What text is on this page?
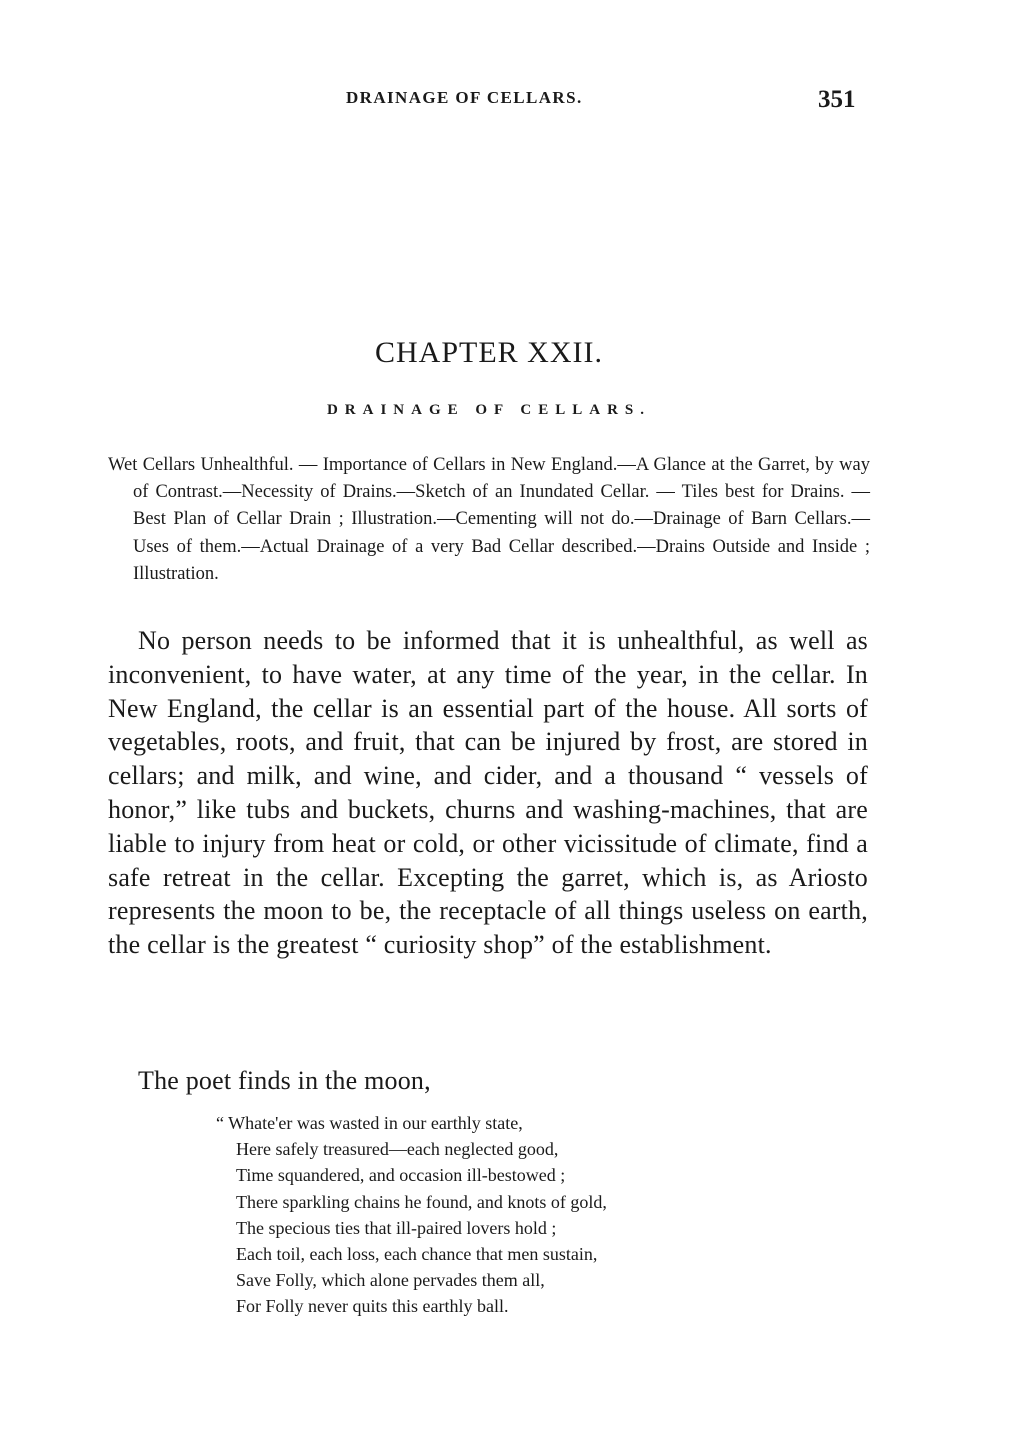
DRAINAGE OF CELLARS.	351
CHAPTER XXII.
DRAINAGE OF CELLARS.
Wet Cellars Unhealthful. — Importance of Cellars in New England.—A Glance at the Garret, by way of Contrast.—Necessity of Drains.—Sketch of an Inundated Cellar. — Tiles best for Drains. — Best Plan of Cellar Drain ; Illustration.—Cementing will not do.—Drainage of Barn Cellars.—Uses of them.—Actual Drainage of a very Bad Cellar described.—Drains Outside and Inside ; Illustration.
No person needs to be informed that it is unhealthful, as well as inconvenient, to have water, at any time of the year, in the cellar. In New England, the cellar is an essential part of the house. All sorts of vegetables, roots, and fruit, that can be injured by frost, are stored in cellars; and milk, and wine, and cider, and a thousand “ vessels of honor,” like tubs and buckets, churns and washing-machines, that are liable to injury from heat or cold, or other vicissitude of climate, find a safe retreat in the cellar. Excepting the garret, which is, as Ariosto represents the moon to be, the receptacle of all things useless on earth, the cellar is the greatest “ curiosity shop” of the establishment.
The poet finds in the moon,
“ Whate'er was wasted in our earthly state,
Here safely treasured—each neglected good,
Time squandered, and occasion ill-bestowed ;
There sparkling chains he found, and knots of gold,
The specious ties that ill-paired lovers hold ;
Each toil, each loss, each chance that men sustain,
Save Folly, which alone pervades them all,
For Folly never quits this earthly ball.
